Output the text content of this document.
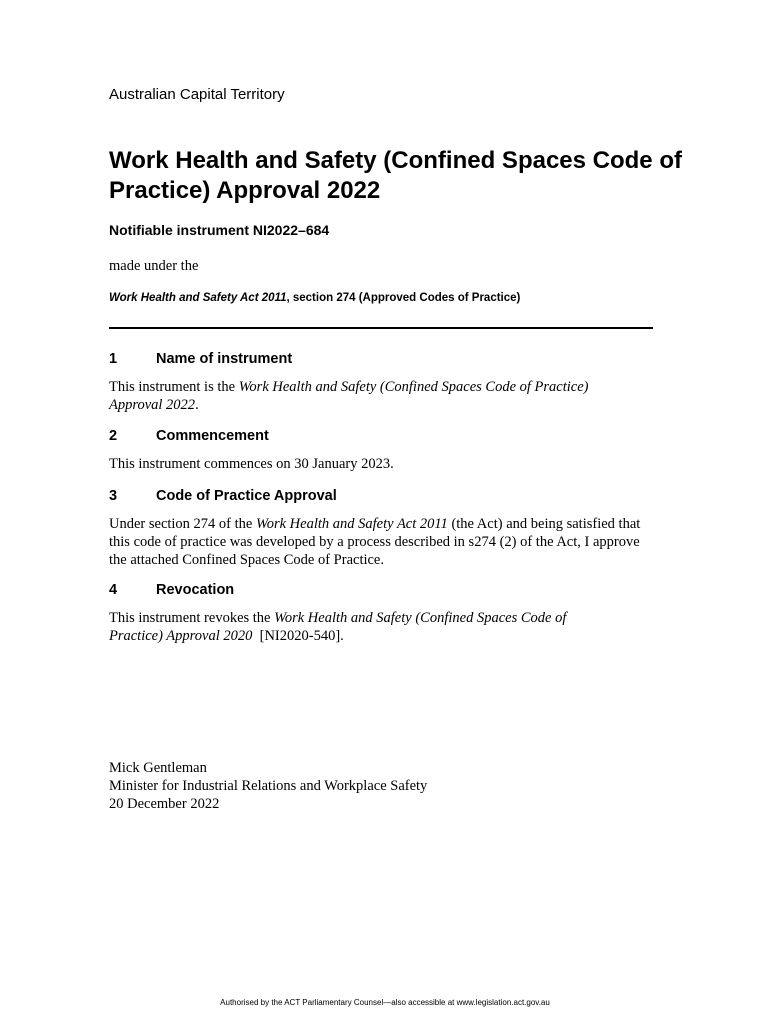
Australian Capital Territory
Work Health and Safety (Confined Spaces Code of Practice) Approval 2022
Notifiable instrument NI2022–684
made under the
Work Health and Safety Act 2011, section 274 (Approved Codes of Practice)
1	Name of instrument
This instrument is the Work Health and Safety (Confined Spaces Code of Practice) Approval 2022.
2	Commencement
This instrument commences on 30 January 2023.
3	Code of Practice Approval
Under section 274 of the Work Health and Safety Act 2011 (the Act) and being satisfied that this code of practice was developed by a process described in s274 (2) of the Act, I approve the attached Confined Spaces Code of Practice.
4	Revocation
This instrument revokes the Work Health and Safety (Confined Spaces Code of Practice) Approval 2020  [NI2020-540].
Mick Gentleman
Minister for Industrial Relations and Workplace Safety
20 December 2022
Authorised by the ACT Parliamentary Counsel—also accessible at www.legislation.act.gov.au
